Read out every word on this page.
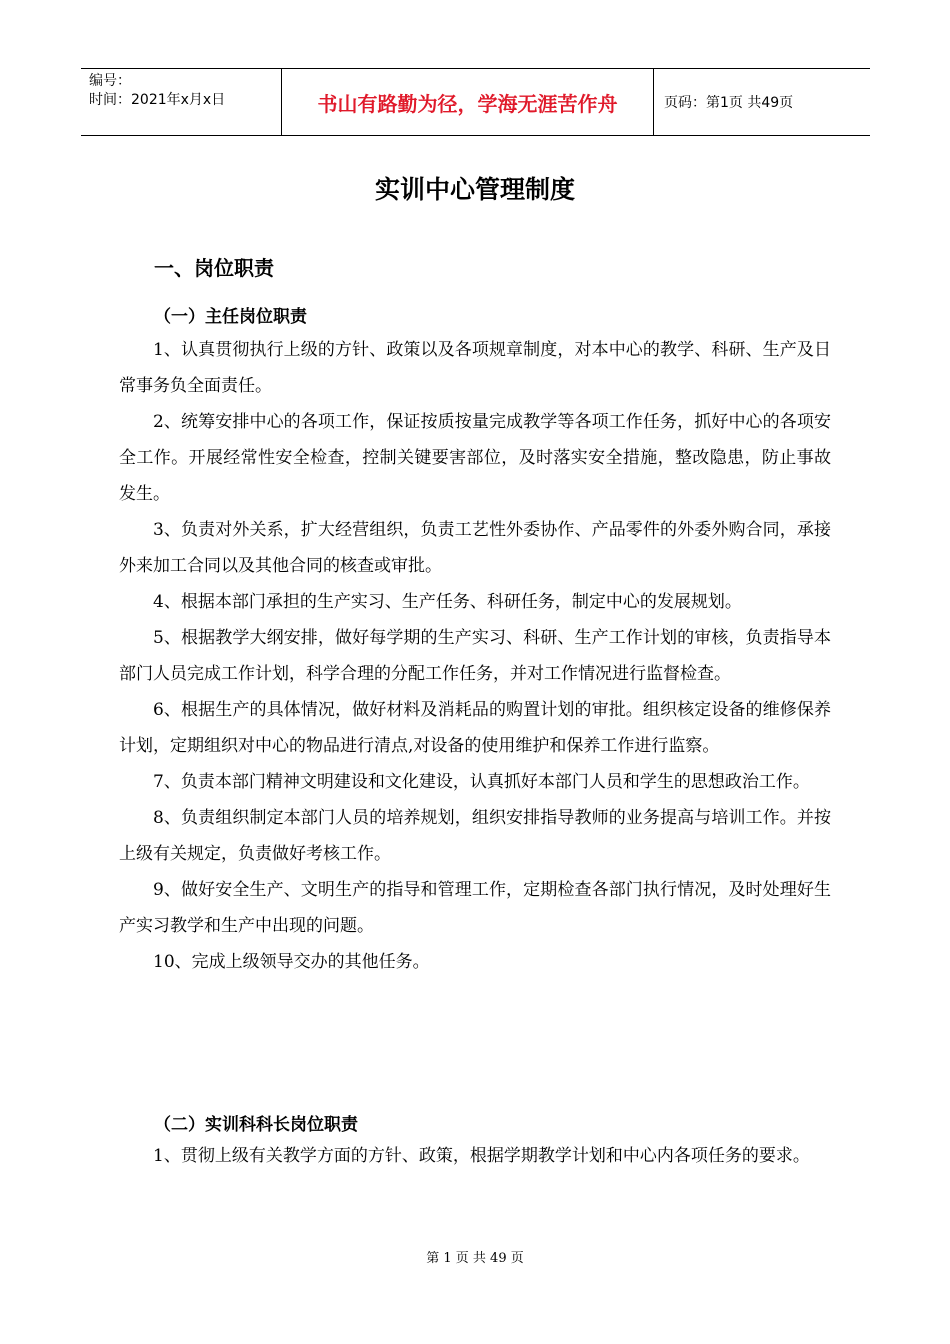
编号：
时间：2021年x月x日	书山有路勤为径，学海无涯苦作舟	页码：第1页 共49页
实训中心管理制度
一、岗位职责
（一）主任岗位职责

1、认真贯彻执行上级的方针、政策以及各项规章制度，对本中心的教学、科研、生产及日常事务负全面责任。

2、统筹安排中心的各项工作，保证按质按量完成教学等各项工作任务，抓好中心的各项安全工作。开展经常性安全检查，控制关键要害部位，及时落实安全措施，整改隐患，防止事故发生。

3、负责对外关系，扩大经营组织，负责工艺性外委协作、产品零件的外委外购合同，承接外来加工合同以及其他合同的核查或审批。

4、根据本部门承担的生产实习、生产任务、科研任务，制定中心的发展规划。

5、根据教学大纲安排，做好每学期的生产实习、科研、生产工作计划的审核，负责指导本部门人员完成工作计划，科学合理的分配工作任务，并对工作情况进行监督检查。

6、根据生产的具体情况，做好材料及消耗品的购置计划的审批。组织核定设备的维修保养计划，定期组织对中心的物品进行清点,对设备的使用维护和保养工作进行监察。

7、负责本部门精神文明建设和文化建设，认真抓好本部门人员和学生的思想政治工作。

8、负责组织制定本部门人员的培养规划，组织安排指导教师的业务提高与培训工作。并按上级有关规定，负责做好考核工作。

9、做好安全生产、文明生产的指导和管理工作，定期检查各部门执行情况，及时处理好生产实习教学和生产中出现的问题。

10、完成上级领导交办的其他任务。

（二）实训科科长岗位职责

1、贯彻上级有关教学方面的方针、政策，根据学期教学计划和中心内各项任务的要求。

第 1 页 共 49 页
